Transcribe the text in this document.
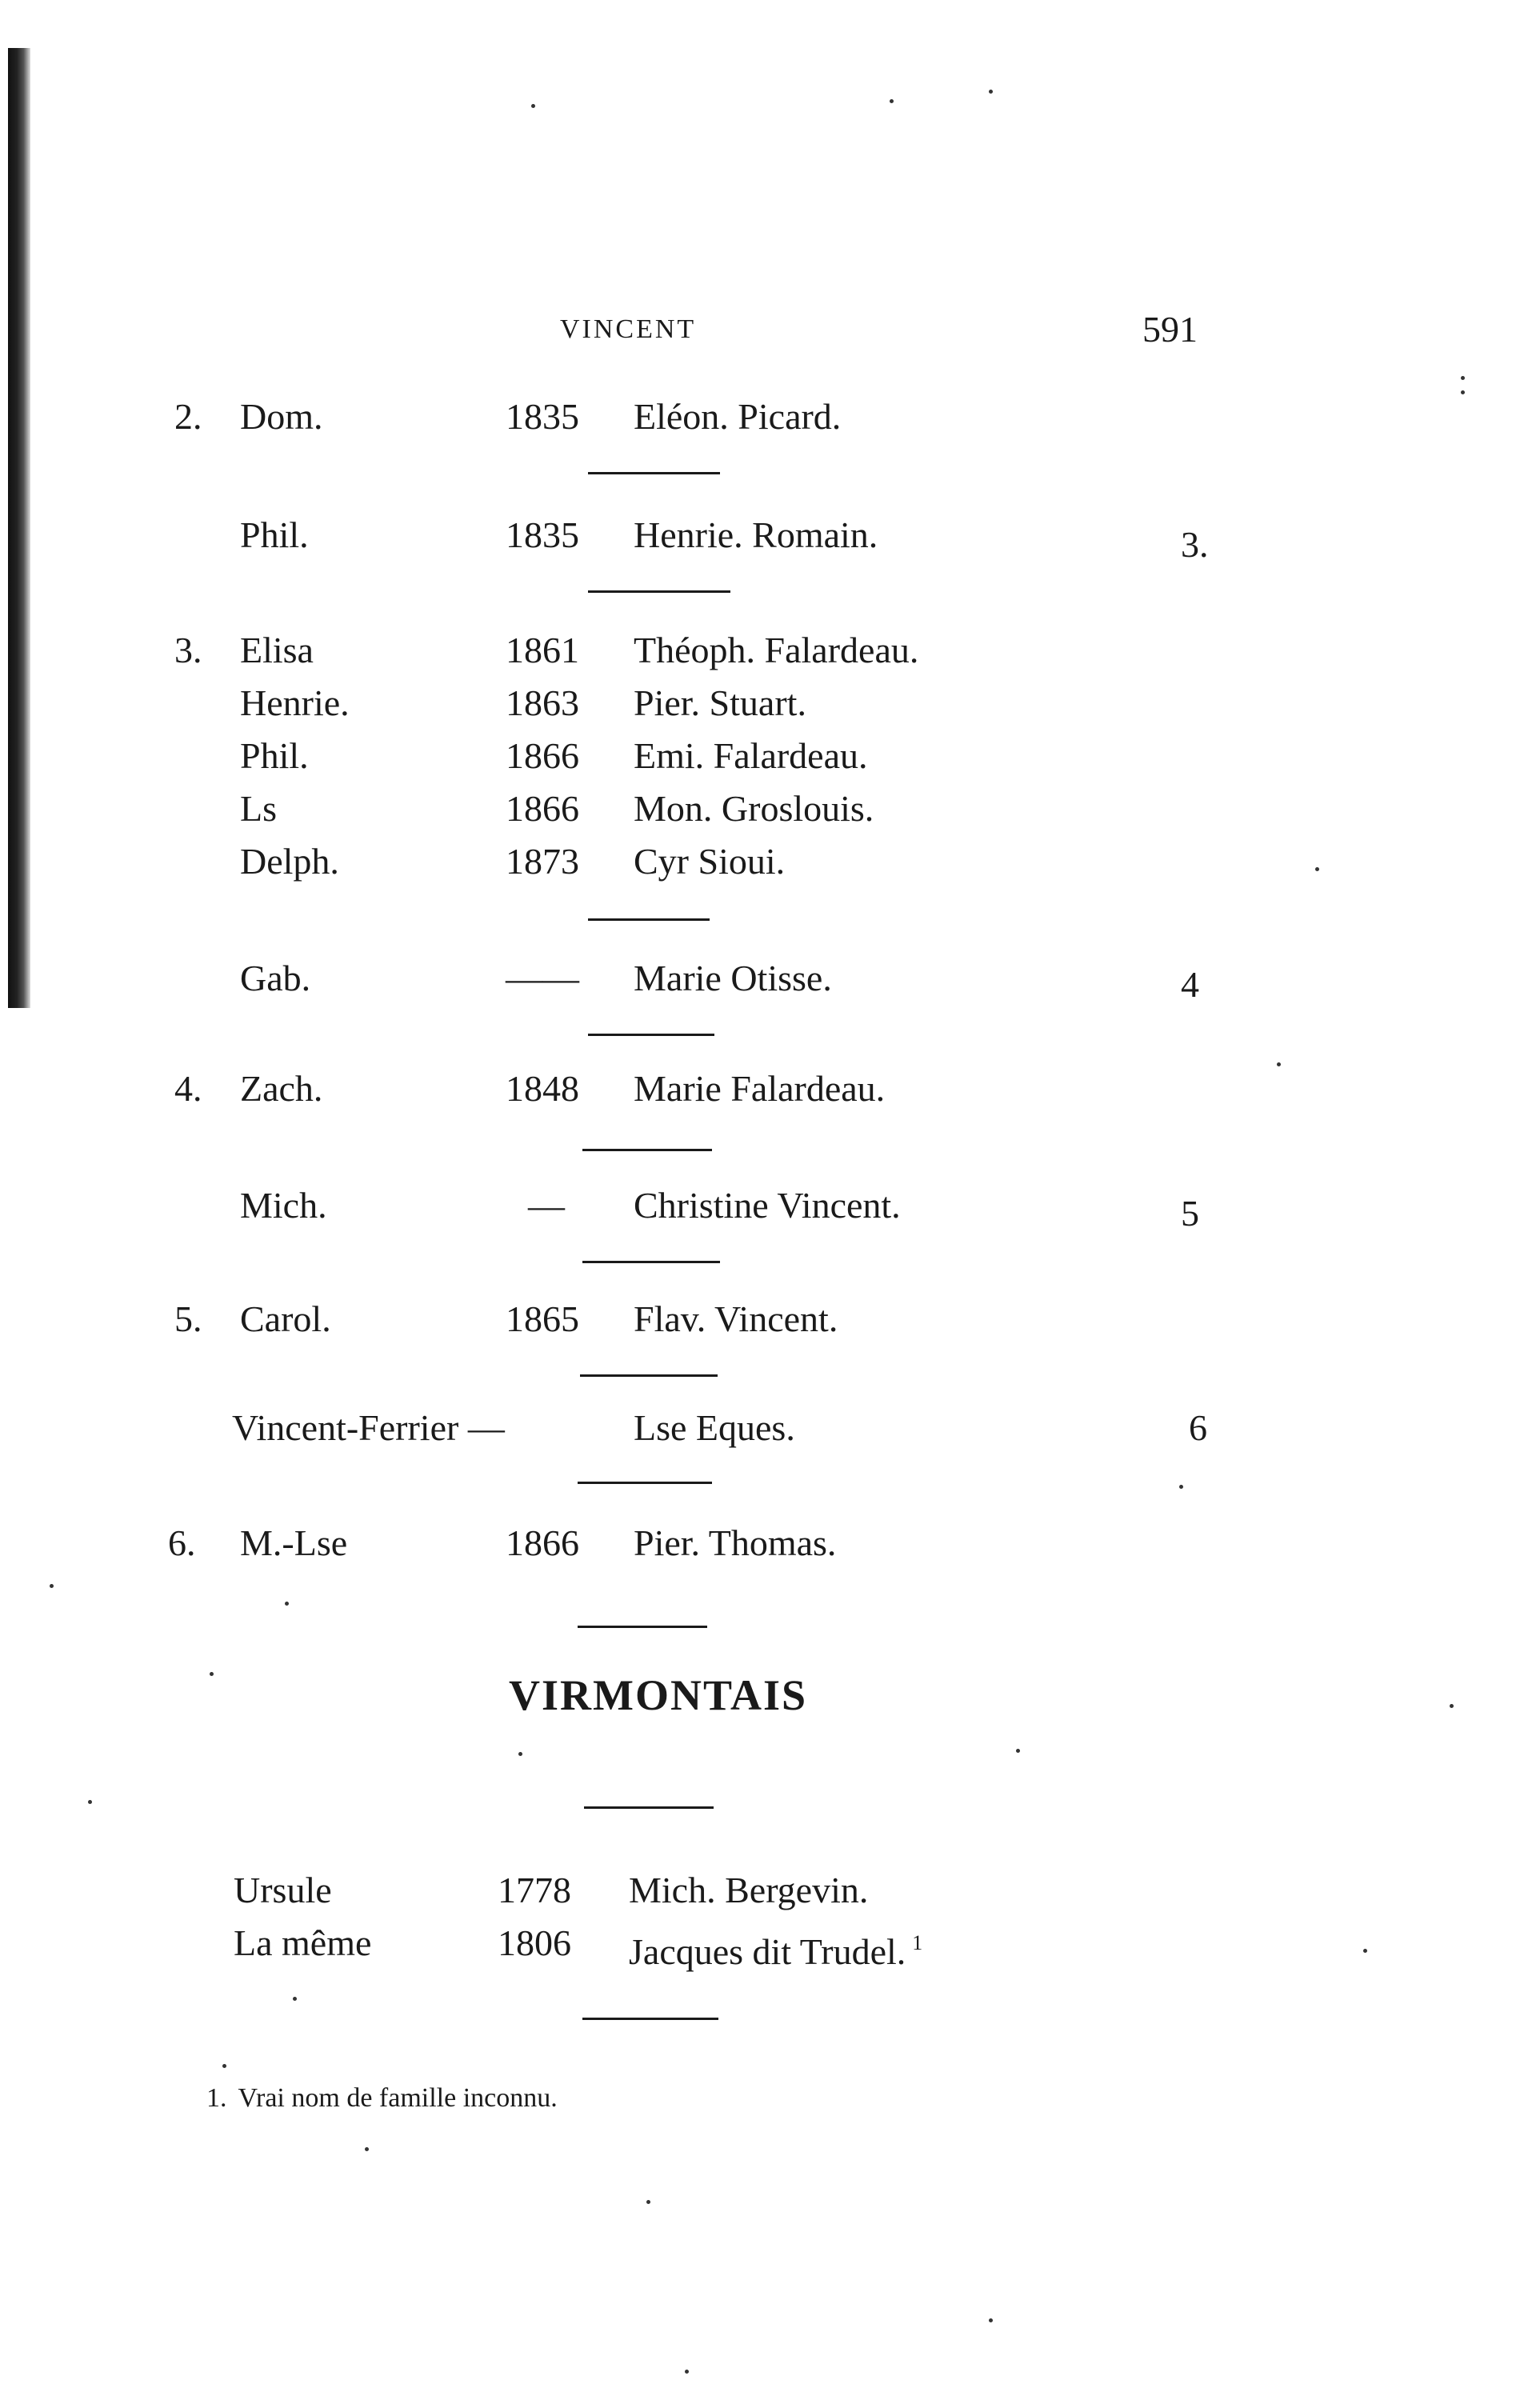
VINCENT	591
2.	Dom.	1835 Eléon. Picard.
Phil.	1835 Henrie. Romain.	3.
3.	Elisa	1861 Théoph. Falardeau.
Henrie.	1863 Pier. Stuart.
Phil.	1866 Emi. Falardeau.
Ls	1866 Mon. Groslouis.
Delph.	1873 Cyr Sioui.
Gab.	—— Marie Otisse.	4
4.	Zach.	1848 Marie Falardeau.
Mich.	— Christine Vincent.	5
5.	Carol.	1865 Flav. Vincent.
Vincent-Ferrier —	Lse Eques.	6
6.	M.-Lse	1866 Pier. Thomas.
VIRMONTAIS
Ursule	1778 Mich. Bergevin.
La même	1806 Jacques dit Trudel. $^1$
1. Vrai nom de famille inconnu.
